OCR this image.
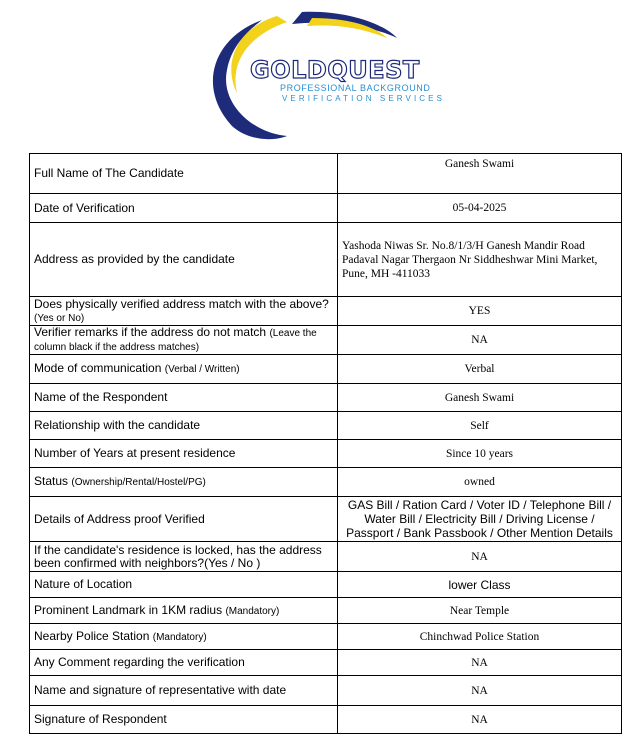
GOLDQUEST
PROFESSIONAL BACKGROUND
VERIFICATION SERVICES
Full Name of The Candidate	Ganesh Swami
Date of Verification	05-04-2025
Address as provided by the candidate	Yashoda Niwas Sr. No.8/1/3/H Ganesh Mandir Road Padaval Nagar Thergaon Nr Siddheshwar Mini Market, Pune, MH -411033
Does physically verified address match with the above?
(Yes or No)	YES
Verifier remarks if the address do not match (Leave the column black if the address matches)	NA
Mode of communication (Verbal / Written)	Verbal
Name of the Respondent	Ganesh Swami
Relationship with the candidate	Self
Number of Years at present residence	Since 10 years
Status (Ownership/Rental/Hostel/PG)	owned
Details of Address proof Verified	GAS Bill / Ration Card / Voter ID / Telephone Bill / Water Bill / Electricity Bill / Driving License / Passport / Bank Passbook / Other Mention Details
If the candidate's residence is locked, has the address been confirmed with neighbors?(Yes / No )	NA
Nature of Location	lower Class
Prominent Landmark in 1KM radius (Mandatory)	Near Temple
Nearby Police Station (Mandatory)	Chinchwad Police Station
Any Comment regarding the verification	NA
Name and signature of representative with date	NA
Signature of Respondent	NA
